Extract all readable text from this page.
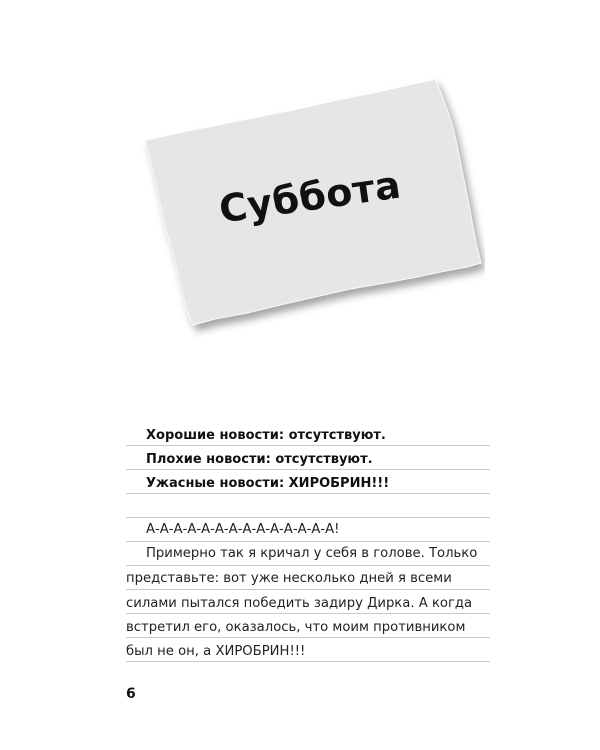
Суббота
Хорошие новости: отсутствуют.
Плохие новости: отсутствуют.
Ужасные новости: ХИРОБРИН!!!
А-А-А-А-А-А-А-А-А-А-А-А-А-А!
Примерно так я кричал у себя в голове. Только
представьте: вот уже несколько дней я всеми
силами пытался победить задиру Дирка. А когда
встретил его, оказалось, что моим противником
был не он, а ХИРОБРИН!!!
6
